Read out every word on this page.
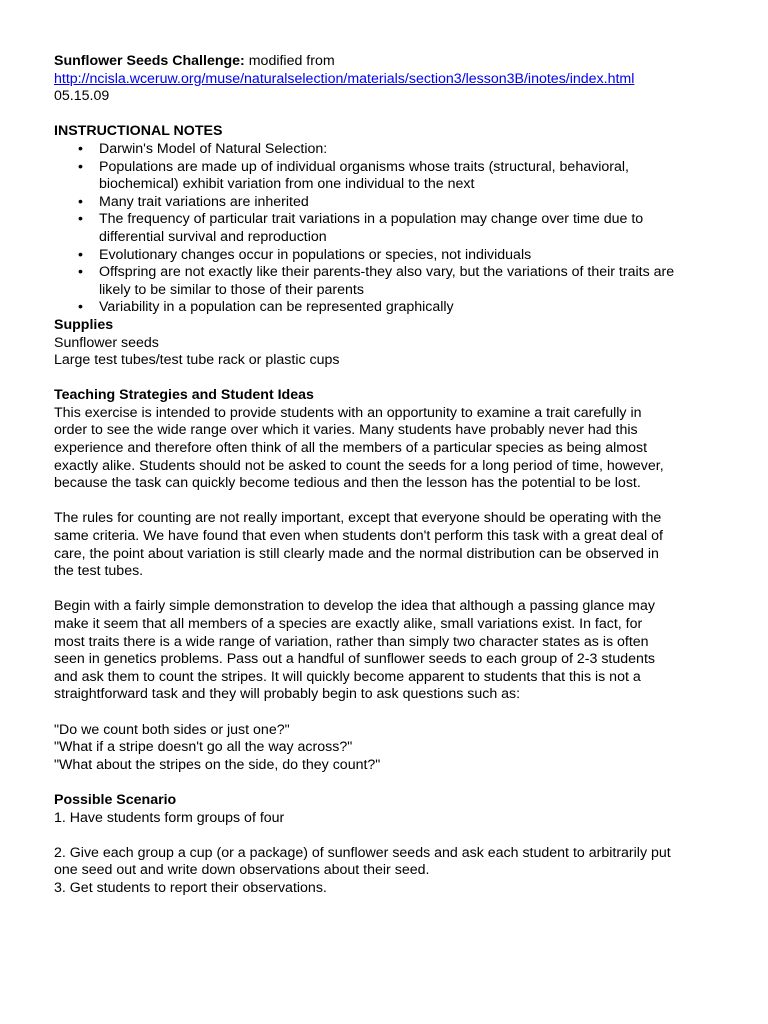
Sunflower Seeds Challenge: modified from
http://ncisla.wceruw.org/muse/naturalselection/materials/section3/lesson3B/inotes/index.html
05.15.09
INSTRUCTIONAL NOTES
• Darwin's Model of Natural Selection:
• Populations are made up of individual organisms whose traits (structural, behavioral,
biochemical) exhibit variation from one individual to the next
• Many trait variations are inherited
• The frequency of particular trait variations in a population may change over time due to
differential survival and reproduction
• Evolutionary changes occur in populations or species, not individuals
• Offspring are not exactly like their parents-they also vary, but the variations of their traits are
likely to be similar to those of their parents
• Variability in a population can be represented graphically
Supplies
Sunflower seeds
Large test tubes/test tube rack or plastic cups
Teaching Strategies and Student Ideas

This exercise is intended to provide students with an opportunity to examine a trait carefully in
order to see the wide range over which it varies. Many students have probably never had this
experience and therefore often think of all the members of a particular species as being almost
exactly alike. Students should not be asked to count the seeds for a long period of time, however,
because the task can quickly become tedious and then the lesson has the potential to be lost.

The rules for counting are not really important, except that everyone should be operating with the
same criteria. We have found that even when students don't perform this task with a great deal of
care, the point about variation is still clearly made and the normal distribution can be observed in
the test tubes.

Begin with a fairly simple demonstration to develop the idea that although a passing glance may
make it seem that all members of a species are exactly alike, small variations exist. In fact, for
most traits there is a wide range of variation, rather than simply two character states as is often
seen in genetics problems. Pass out a handful of sunflower seeds to each group of 2-3 students
and ask them to count the stripes. It will quickly become apparent to students that this is not a
straightforward task and they will probably begin to ask questions such as:

"Do we count both sides or just one?"
"What if a stripe doesn't go all the way across?"
"What about the stripes on the side, do they count?"
Possible Scenario
1. Have students form groups of four
2. Give each group a cup (or a package) of sunflower seeds and ask each student to arbitrarily put
one seed out and write down observations about their seed.
3. Get students to report their observations.
